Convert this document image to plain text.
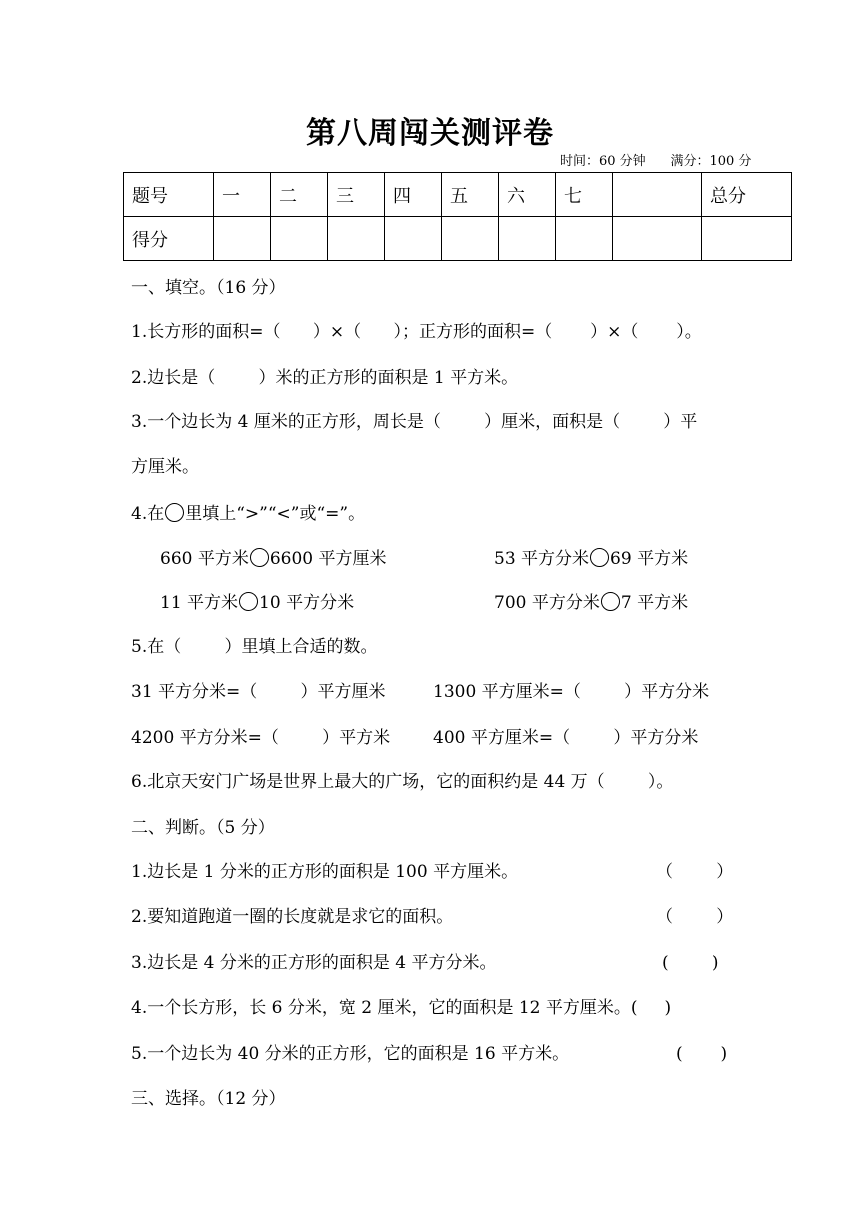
第八周闯关测评卷
时间：60 分钟 满分：100 分
题号	一	二	三	四	五	六	七		总分
得分									
一、填空。（16 分）
1.长方形的面积=（      ）×（      ）；正方形的面积=（       ）×（       ）。
2.边长是（        ）米的正方形的面积是 1 平方米。
3.一个边长为 4 厘米的正方形，周长是（        ）厘米，面积是（        ）平
方厘米。
4.在 里填上“>”“<”或“=”。
660 平方米 6600 平方厘米	53 平方分米 69 平方米
11 平方米 10 平方分米	700 平方分米 7 平方米
5.在（        ）里填上合适的数。
31 平方分米=（        ）平方厘米	1300 平方厘米=（        ）平方分米
4200 平方分米=（        ）平方米	400 平方厘米=（        ）平方分米
6.北京天安门广场是世界上最大的广场，它的面积约是 44 万（        ）。
二、判断。（5 分）
1.边长是 1 分米的正方形的面积是 100 平方厘米。	（        ）
2.要知道跑道一圈的长度就是求它的面积。	（        ）
3.边长是 4 分米的正方形的面积是 4 平方分米。	(        )
4.一个长方形，长 6 分米，宽 2 厘米，它的面积是 12 平方厘米。(     )
5.一个边长为 40 分米的正方形，它的面积是 16 平方米。	(       )
三、选择。（12 分）
